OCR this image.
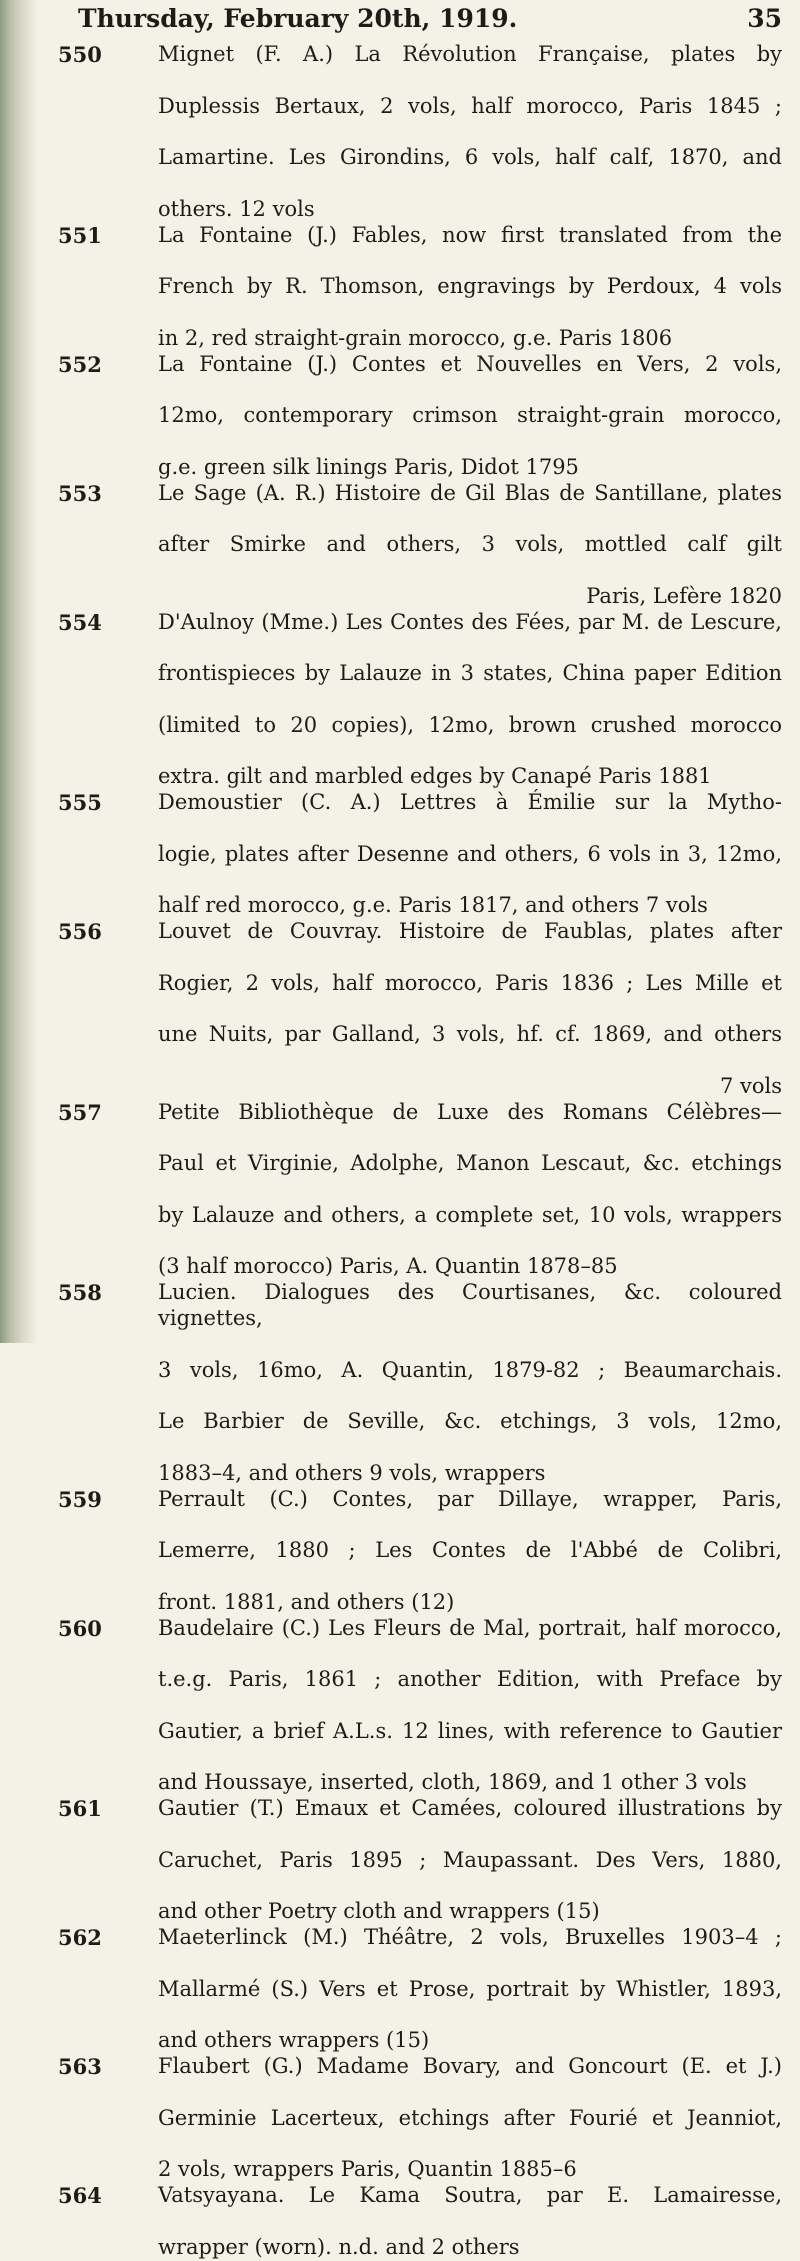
Thursday, February 20th, 1919.	35
550	Mignet (F. A.) La Révolution Française, plates by
Duplessis Bertaux, 2 vols, half morocco, Paris 1845 ;
Lamartine. Les Girondins, 6 vols, half calf, 1870, and
others. 12 vols
551	La Fontaine (J.) Fables, now first translated from the
French by R. Thomson, engravings by Perdoux, 4 vols
in 2, red straight-grain morocco, g.e. Paris 1806
552	La Fontaine (J.) Contes et Nouvelles en Vers, 2 vols,
12mo, contemporary crimson straight-grain morocco,
g.e. green silk linings Paris, Didot 1795
553	Le Sage (A. R.) Histoire de Gil Blas de Santillane, plates
after Smirke and others, 3 vols, mottled calf gilt
Paris, Lefère 1820
554	D'Aulnoy (Mme.) Les Contes des Fées, par M. de Lescure,
frontispieces by Lalauze in 3 states, China paper Edition
(limited to 20 copies), 12mo, brown crushed morocco
extra. gilt and marbled edges by Canapé Paris 1881
555	Demoustier (C. A.) Lettres à Émilie sur la Mytho-
logie, plates after Desenne and others, 6 vols in 3, 12mo,
half red morocco, g.e. Paris 1817, and others 7 vols
556	Louvet de Couvray. Histoire de Faublas, plates after
Rogier, 2 vols, half morocco, Paris 1836 ; Les Mille et
une Nuits, par Galland, 3 vols, hf. cf. 1869, and others
7 vols
557	Petite Bibliothèque de Luxe des Romans Célèbres—
Paul et Virginie, Adolphe, Manon Lescaut, &c. etchings
by Lalauze and others, a complete set, 10 vols, wrappers
(3 half morocco) Paris, A. Quantin 1878–85
558	Lucien. Dialogues des Courtisanes, &c. coloured vignettes,
3 vols, 16mo, A. Quantin, 1879-82 ; Beaumarchais.
Le Barbier de Seville, &c. etchings, 3 vols, 12mo,
1883–4, and others 9 vols, wrappers
559	Perrault (C.) Contes, par Dillaye, wrapper, Paris,
Lemerre, 1880 ; Les Contes de l'Abbé de Colibri,
front. 1881, and others (12)
560	Baudelaire (C.) Les Fleurs de Mal, portrait, half morocco,
t.e.g. Paris, 1861 ; another Edition, with Preface by
Gautier, a brief A.L.s. 12 lines, with reference to Gautier
and Houssaye, inserted, cloth, 1869, and 1 other 3 vols
561	Gautier (T.) Emaux et Camées, coloured illustrations by
Caruchet, Paris 1895 ; Maupassant. Des Vers, 1880,
and other Poetry cloth and wrappers (15)
562	Maeterlinck (M.) Théâtre, 2 vols, Bruxelles 1903–4 ;
Mallarmé (S.) Vers et Prose, portrait by Whistler, 1893,
and others wrappers (15)
563	Flaubert (G.) Madame Bovary, and Goncourt (E. et J.)
Germinie Lacerteux, etchings after Fourié et Jeanniot,
2 vols, wrappers Paris, Quantin 1885–6
564	Vatsyayana. Le Kama Soutra, par E. Lamairesse,
wrapper (worn). n.d. and 2 others
